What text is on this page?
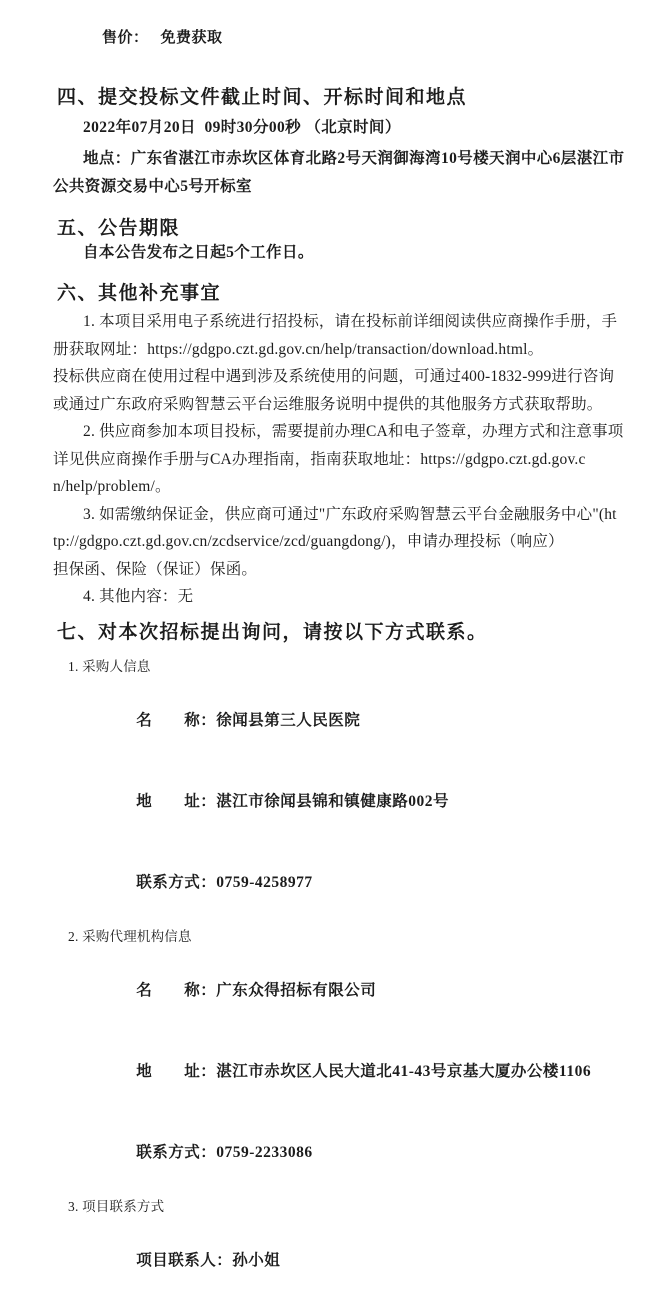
售价： 免费获取

四、提交投标文件截止时间、开标时间和地点
2022年07月20日  09时30分00秒 （北京时间）
地点：广东省湛江市赤坎区体育北路2号天润御海湾10号楼天润中心6层湛江市
公共资源交易中心5号开标室
五、公告期限
自本公告发布之日起5个工作日。
六、其他补充事宜
1. 本项目采用电子系统进行招投标，请在投标前详细阅读供应商操作手册，手
册获取网址：https://gdgpo.czt.gd.gov.cn/help/transaction/download.html。
投标供应商在使用过程中遇到涉及系统使用的问题，可通过400-1832-999进行咨询
或通过广东政府采购智慧云平台运维服务说明中提供的其他服务方式获取帮助。
2. 供应商参加本项目投标，需要提前办理CA和电子签章，办理方式和注意事项
详见供应商操作手册与CA办理指南，指南获取地址：https://gdgpo.czt.gd.gov.c
n/help/problem/。
3. 如需缴纳保证金，供应商可通过"广东政府采购智慧云平台金融服务中心"(ht
tp://gdgpo.czt.gd.gov.cn/zcdservice/zcd/guangdong/)，申请办理投标（响应）
担保函、保险（保证）保函。
4. 其他内容：无
七、对本次招标提出询问，请按以下方式联系。
1. 采购人信息

名　　称：徐闻县第三人民医院

地　　址：湛江市徐闻县锦和镇健康路002号

联系方式：0759-4258977

2. 采购代理机构信息

名　　称：广东众得招标有限公司

地　　址：湛江市赤坎区人民大道北41-43号京基大厦办公楼1106

联系方式：0759-2233086

3. 项目联系方式

项目联系人：孙小姐
